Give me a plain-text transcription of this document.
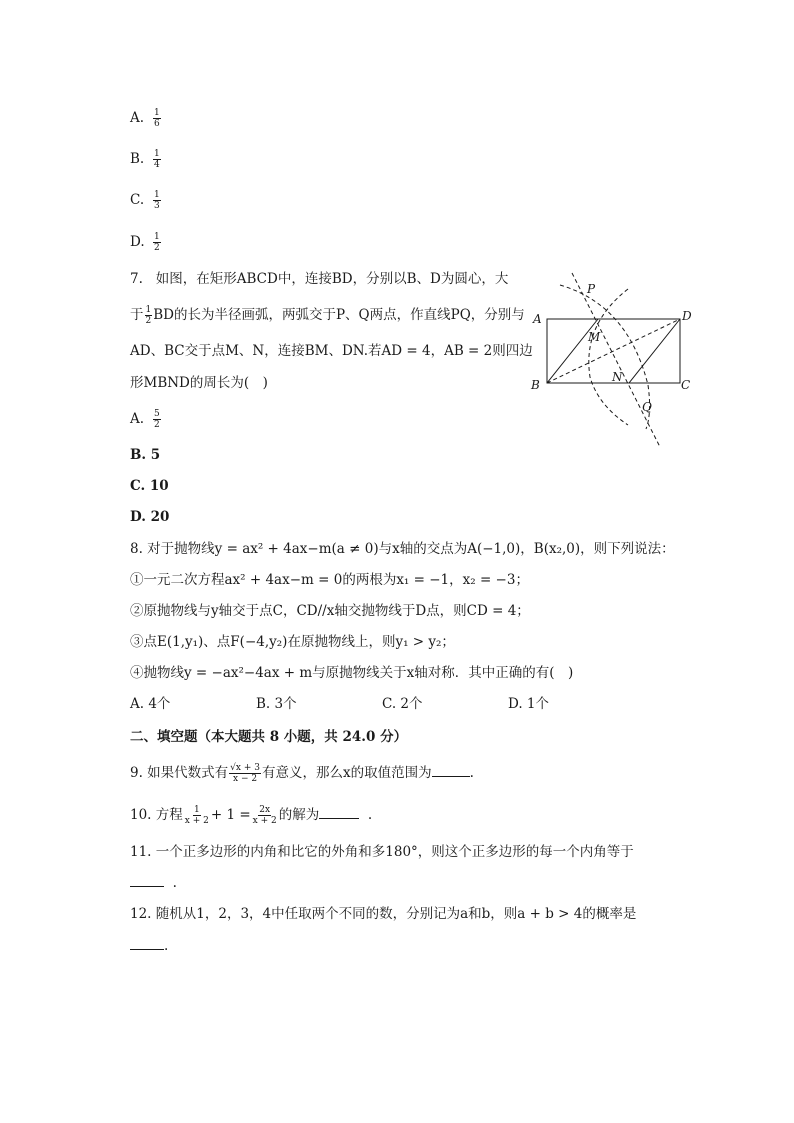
A. $\frac{1}{6}$
B. $\frac{1}{4}$
C. $\frac{1}{3}$
D. $\frac{1}{2}$
7. 如图，在矩形ABCD中，连接BD，分别以B、D为圆心，大
于 $\frac{1}{2}$ BD的长为半径画弧，两弧交于P、Q两点，作直线PQ，分别与
AD、BC交于点M、N，连接BM、DN.若AD = 4，AB = 2则四边
形MBND的周长为(　)
A
B	C
D
M
N
P
Q
A. $\frac{5}{2}$
B. 5
C. 10
D. 20
8. 对于抛物线y = ax² + 4ax−m(a ≠ 0)与x轴的交点为A(−1,0)，B(x₂,0)，则下列说法：
①一元二次方程ax² + 4ax−m = 0的两根为x₁ = −1，x₂ = −3；
②原抛物线与y轴交于点C，CD//x轴交抛物线于D点，则CD = 4；
③点E(1,y₁)、点F(−4,y₂)在原抛物线上，则y₁ > y₂；
④抛物线y = −ax²−4ax + m与原抛物线关于x轴对称．其中正确的有(　)
A. 4个	B. 3个	C. 2个	D. 1个
二、填空题（本大题共 8 小题，共 24.0 分）
9. 如果代数式有 $\frac{√x + 3}{x - 2}$ 有意义，那么x的取值范围为	.
10. 方程 $\frac{1}{x + 2} + 1 = \frac{2x}{x + 2}$ 的解为	.
11. 一个正多边形的内角和比它的外角和多180°，则这个正多边形的每一个内角等于
.
12. 随机从1，2，3，4中任取两个不同的数，分别记为a和b，则a + b > 4的概率是
.
